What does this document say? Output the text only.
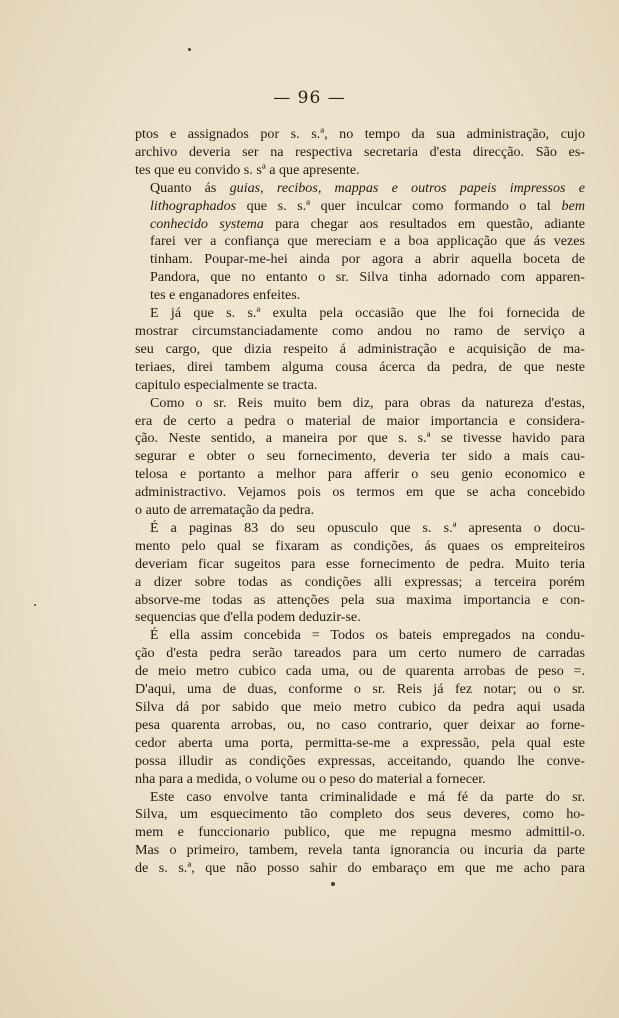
— 96 —

ptos e assignados por s. s.ª, no tempo da sua administração, cujo
archivo deveria ser na respectiva secretaria d'esta direcção. São es-
tes que eu convido s. sª a que apresente.

Quanto ás guias, recibos, mappas e outros papeis impressos e
lithographados que s. s.ª quer inculcar como formando o tal bem
conhecido systema para chegar aos resultados em questão, adiante
farei ver a confiança que mereciam e a boa applicação que ás vezes
tinham. Poupar-me-hei ainda por agora a abrir aquella boceta de
Pandora, que no entanto o sr. Silva tinha adornado com apparen-
tes e enganadores enfeites.

E já que s. s.ª exulta pela occasião que lhe foi fornecida de
mostrar circumstanciadamente como andou no ramo de serviço a
seu cargo, que dizia respeito á administração e acquisição de ma-
teriaes, direi tambem alguma cousa ácerca da pedra, de que neste
capitulo especialmente se tracta.

Como o sr. Reis muito bem diz, para obras da natureza d'estas,
era de certo a pedra o material de maior importancia e considera-
ção. Neste sentido, a maneira por que s. s.ª se tivesse havido para
segurar e obter o seu fornecimento, deveria ter sido a mais cau-
telosa e portanto a melhor para afferir o seu genio economico e
administractivo. Vejamos pois os termos em que se acha concebido
o auto de arrematação da pedra.

É a paginas 83 do seu opusculo que s. s.ª apresenta o docu-
mento pelo qual se fixaram as condições, ás quaes os empreiteiros
deveriam ficar sugeitos para esse fornecimento de pedra. Muito teria
a dizer sobre todas as condições alli expressas; a terceira porém
absorve-me todas as attenções pela sua maxima importancia e con-
sequencias que d'ella podem deduzir-se.

É ella assim concebida = Todos os bateis empregados na condu-
ção d'esta pedra serão tareados para um certo numero de carradas
de meio metro cubico cada uma, ou de quarenta arrobas de peso =.
D'aqui, uma de duas, conforme o sr. Reis já fez notar; ou o sr.
Silva dá por sabido que meio metro cubico da pedra aqui usada
pesa quarenta arrobas, ou, no caso contrario, quer deixar ao forne-
cedor aberta uma porta, permitta-se-me a expressão, pela qual este
possa illudir as condições expressas, acceitando, quando lhe conve-
nha para a medida, o volume ou o peso do material a fornecer.

Este caso envolve tanta criminalidade e má fé da parte do sr.
Silva, um esquecimento tão completo dos seus deveres, como ho-
mem e funccionario publico, que me repugna mesmo admittil-o.
Mas o primeiro, tambem, revela tanta ignorancia ou incuria da parte
de s. s.ª, que não posso sahir do embaraço em que me acho para
